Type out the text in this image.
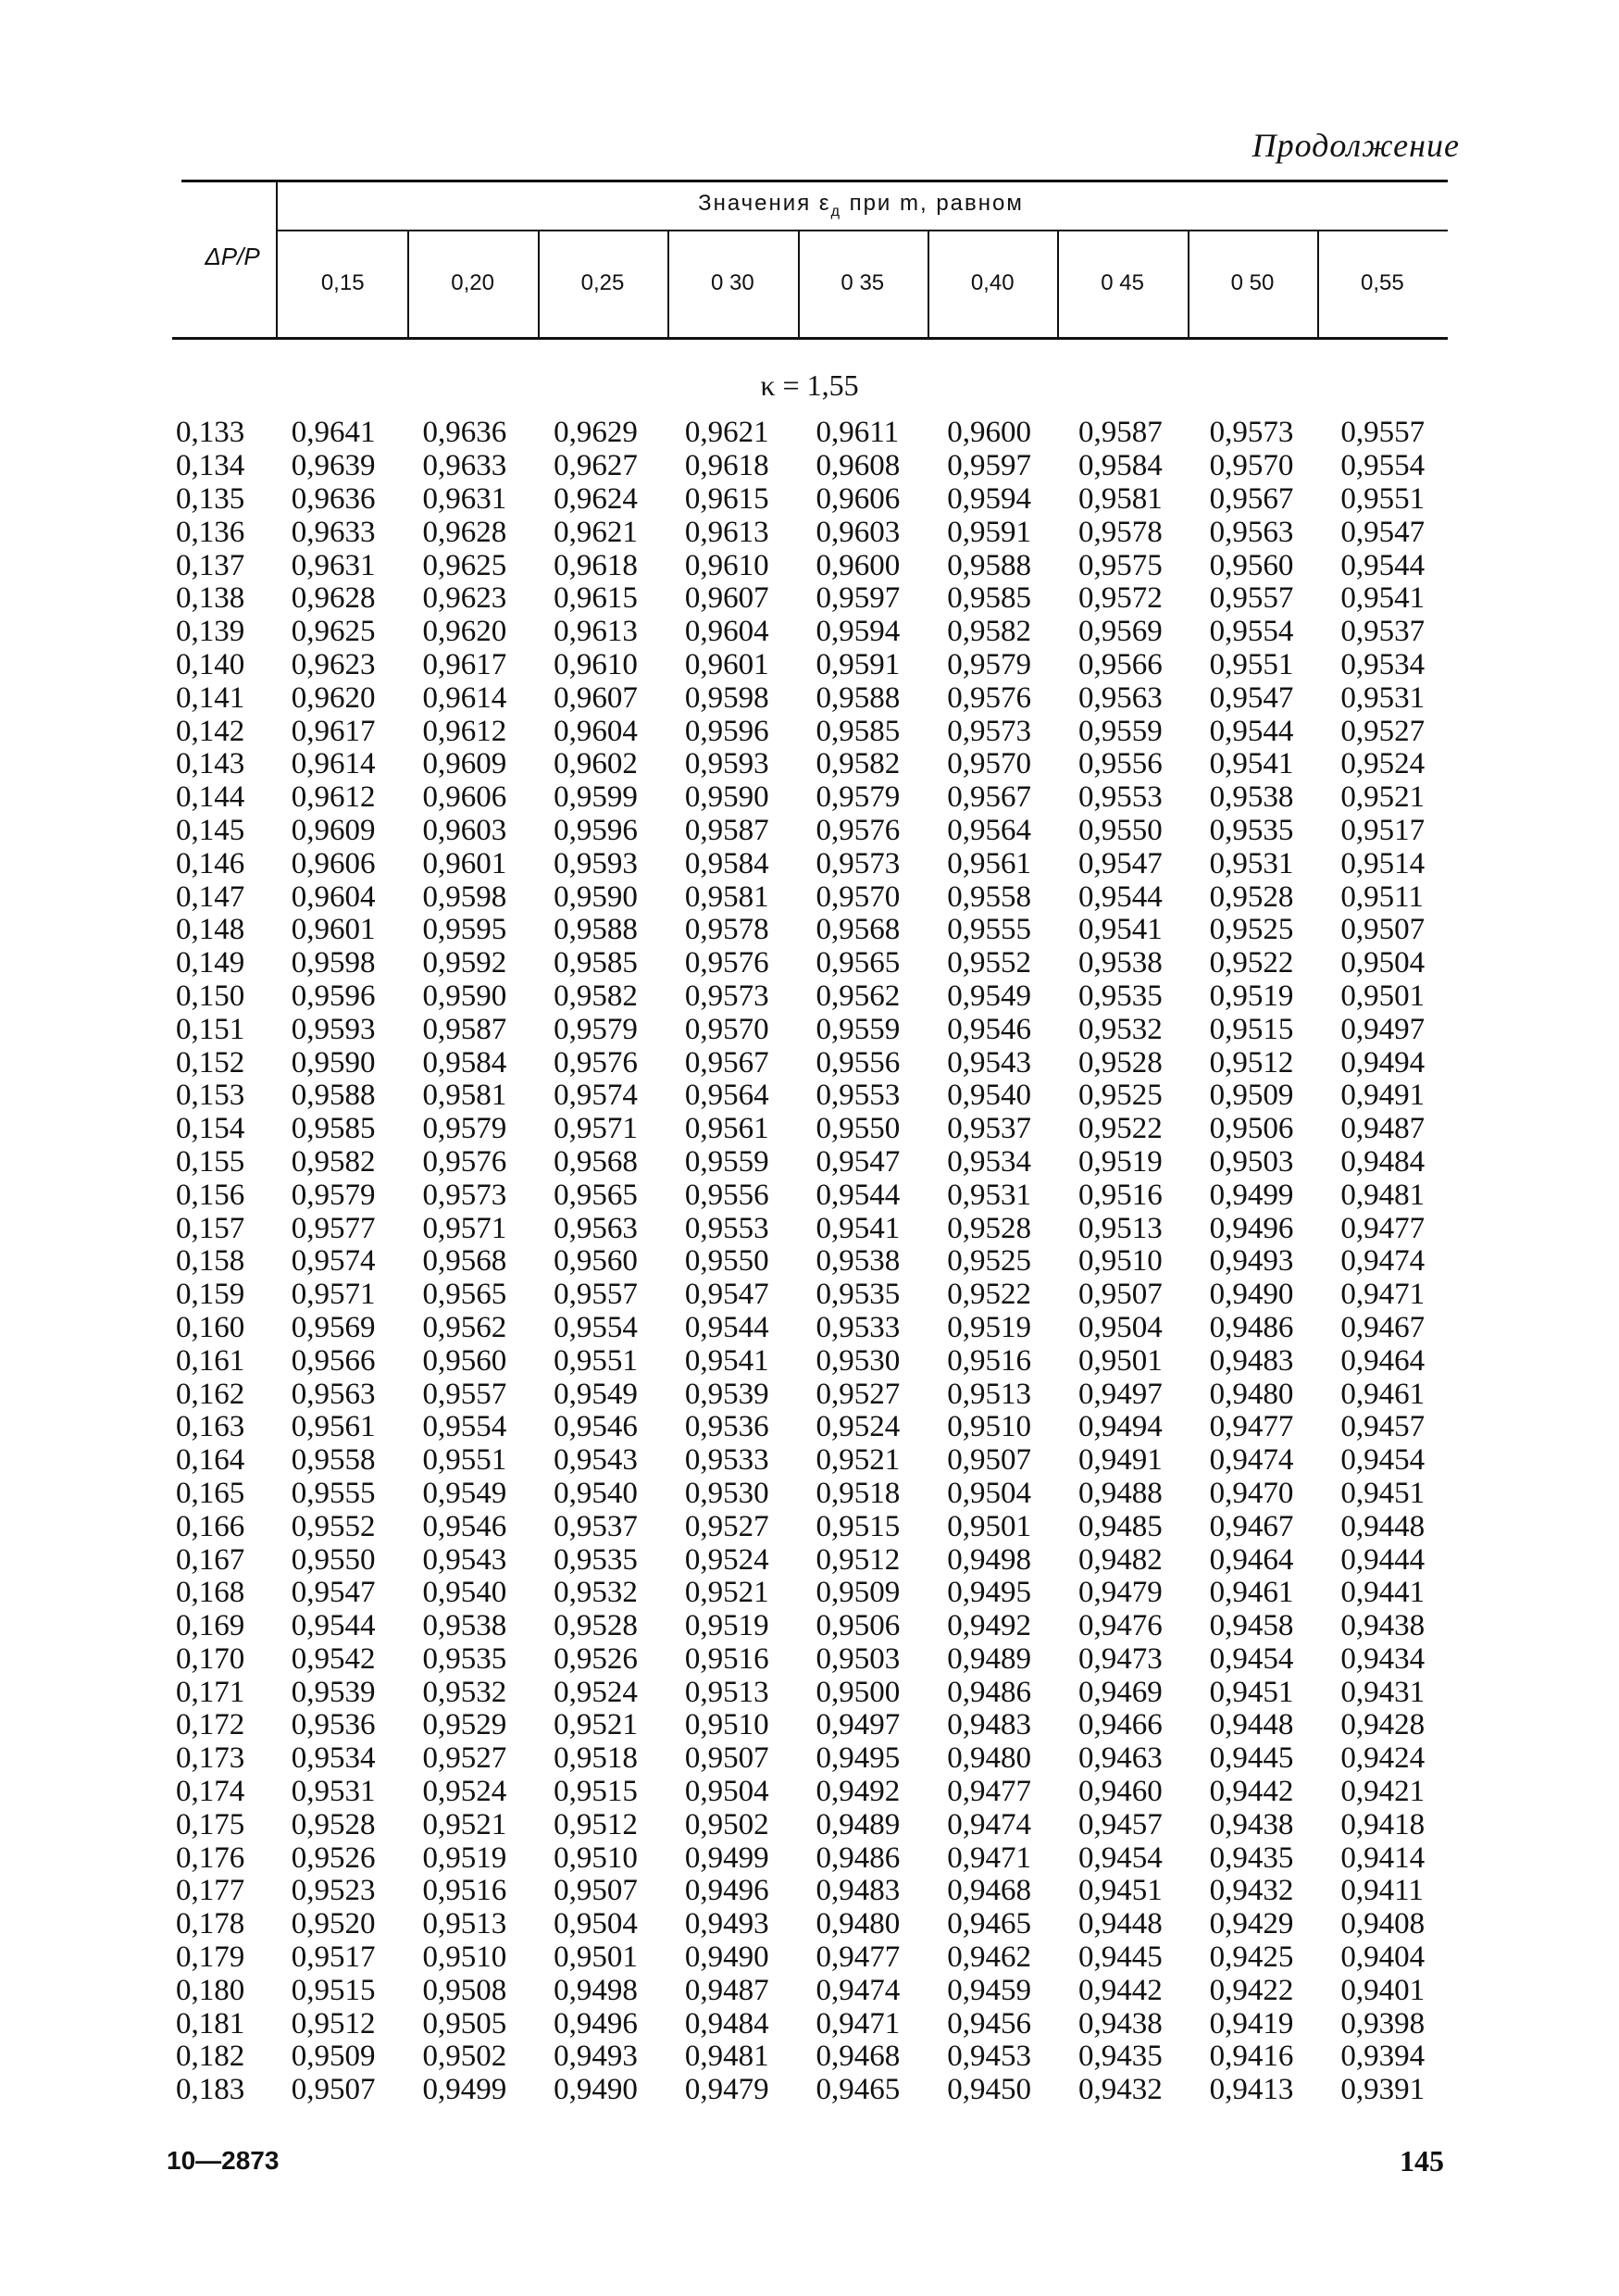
Продолжение
ΔP/P
Значения $\varepsilon_д$ при m, равном
0,15	0,20	0,25	0 30	0 35	0,40	0 45	0 50	0,55
κ = 1,55
0,133	0,9641	0,9636	0,9629	0,9621	0,9611	0,9600	0,9587	0,9573	0,9557
0,134	0,9639	0,9633	0,9627	0,9618	0,9608	0,9597	0,9584	0,9570	0,9554
0,135	0,9636	0,9631	0,9624	0,9615	0,9606	0,9594	0,9581	0,9567	0,9551
0,136	0,9633	0,9628	0,9621	0,9613	0,9603	0,9591	0,9578	0,9563	0,9547
0,137	0,9631	0,9625	0,9618	0,9610	0,9600	0,9588	0,9575	0,9560	0,9544
0,138	0,9628	0,9623	0,9615	0,9607	0,9597	0,9585	0,9572	0,9557	0,9541
0,139	0,9625	0,9620	0,9613	0,9604	0,9594	0,9582	0,9569	0,9554	0,9537
0,140	0,9623	0,9617	0,9610	0,9601	0,9591	0,9579	0,9566	0,9551	0,9534
0,141	0,9620	0,9614	0,9607	0,9598	0,9588	0,9576	0,9563	0,9547	0,9531
0,142	0,9617	0,9612	0,9604	0,9596	0,9585	0,9573	0,9559	0,9544	0,9527
0,143	0,9614	0,9609	0,9602	0,9593	0,9582	0,9570	0,9556	0,9541	0,9524
0,144	0,9612	0,9606	0,9599	0,9590	0,9579	0,9567	0,9553	0,9538	0,9521
0,145	0,9609	0,9603	0,9596	0,9587	0,9576	0,9564	0,9550	0,9535	0,9517
0,146	0,9606	0,9601	0,9593	0,9584	0,9573	0,9561	0,9547	0,9531	0,9514
0,147	0,9604	0,9598	0,9590	0,9581	0,9570	0,9558	0,9544	0,9528	0,9511
0,148	0,9601	0,9595	0,9588	0,9578	0,9568	0,9555	0,9541	0,9525	0,9507
0,149	0,9598	0,9592	0,9585	0,9576	0,9565	0,9552	0,9538	0,9522	0,9504
0,150	0,9596	0,9590	0,9582	0,9573	0,9562	0,9549	0,9535	0,9519	0,9501
0,151	0,9593	0,9587	0,9579	0,9570	0,9559	0,9546	0,9532	0,9515	0,9497
0,152	0,9590	0,9584	0,9576	0,9567	0,9556	0,9543	0,9528	0,9512	0,9494
0,153	0,9588	0,9581	0,9574	0,9564	0,9553	0,9540	0,9525	0,9509	0,9491
0,154	0,9585	0,9579	0,9571	0,9561	0,9550	0,9537	0,9522	0,9506	0,9487
0,155	0,9582	0,9576	0,9568	0,9559	0,9547	0,9534	0,9519	0,9503	0,9484
0,156	0,9579	0,9573	0,9565	0,9556	0,9544	0,9531	0,9516	0,9499	0,9481
0,157	0,9577	0,9571	0,9563	0,9553	0,9541	0,9528	0,9513	0,9496	0,9477
0,158	0,9574	0,9568	0,9560	0,9550	0,9538	0,9525	0,9510	0,9493	0,9474
0,159	0,9571	0,9565	0,9557	0,9547	0,9535	0,9522	0,9507	0,9490	0,9471
0,160	0,9569	0,9562	0,9554	0,9544	0,9533	0,9519	0,9504	0,9486	0,9467
0,161	0,9566	0,9560	0,9551	0,9541	0,9530	0,9516	0,9501	0,9483	0,9464
0,162	0,9563	0,9557	0,9549	0,9539	0,9527	0,9513	0,9497	0,9480	0,9461
0,163	0,9561	0,9554	0,9546	0,9536	0,9524	0,9510	0,9494	0,9477	0,9457
0,164	0,9558	0,9551	0,9543	0,9533	0,9521	0,9507	0,9491	0,9474	0,9454
0,165	0,9555	0,9549	0,9540	0,9530	0,9518	0,9504	0,9488	0,9470	0,9451
0,166	0,9552	0,9546	0,9537	0,9527	0,9515	0,9501	0,9485	0,9467	0,9448
0,167	0,9550	0,9543	0,9535	0,9524	0,9512	0,9498	0,9482	0,9464	0,9444
0,168	0,9547	0,9540	0,9532	0,9521	0,9509	0,9495	0,9479	0,9461	0,9441
0,169	0,9544	0,9538	0,9528	0,9519	0,9506	0,9492	0,9476	0,9458	0,9438
0,170	0,9542	0,9535	0,9526	0,9516	0,9503	0,9489	0,9473	0,9454	0,9434
0,171	0,9539	0,9532	0,9524	0,9513	0,9500	0,9486	0,9469	0,9451	0,9431
0,172	0,9536	0,9529	0,9521	0,9510	0,9497	0,9483	0,9466	0,9448	0,9428
0,173	0,9534	0,9527	0,9518	0,9507	0,9495	0,9480	0,9463	0,9445	0,9424
0,174	0,9531	0,9524	0,9515	0,9504	0,9492	0,9477	0,9460	0,9442	0,9421
0,175	0,9528	0,9521	0,9512	0,9502	0,9489	0,9474	0,9457	0,9438	0,9418
0,176	0,9526	0,9519	0,9510	0,9499	0,9486	0,9471	0,9454	0,9435	0,9414
0,177	0,9523	0,9516	0,9507	0,9496	0,9483	0,9468	0,9451	0,9432	0,9411
0,178	0,9520	0,9513	0,9504	0,9493	0,9480	0,9465	0,9448	0,9429	0,9408
0,179	0,9517	0,9510	0,9501	0,9490	0,9477	0,9462	0,9445	0,9425	0,9404
0,180	0,9515	0,9508	0,9498	0,9487	0,9474	0,9459	0,9442	0,9422	0,9401
0,181	0,9512	0,9505	0,9496	0,9484	0,9471	0,9456	0,9438	0,9419	0,9398
0,182	0,9509	0,9502	0,9493	0,9481	0,9468	0,9453	0,9435	0,9416	0,9394
0,183	0,9507	0,9499	0,9490	0,9479	0,9465	0,9450	0,9432	0,9413	0,9391
10—2873	145
